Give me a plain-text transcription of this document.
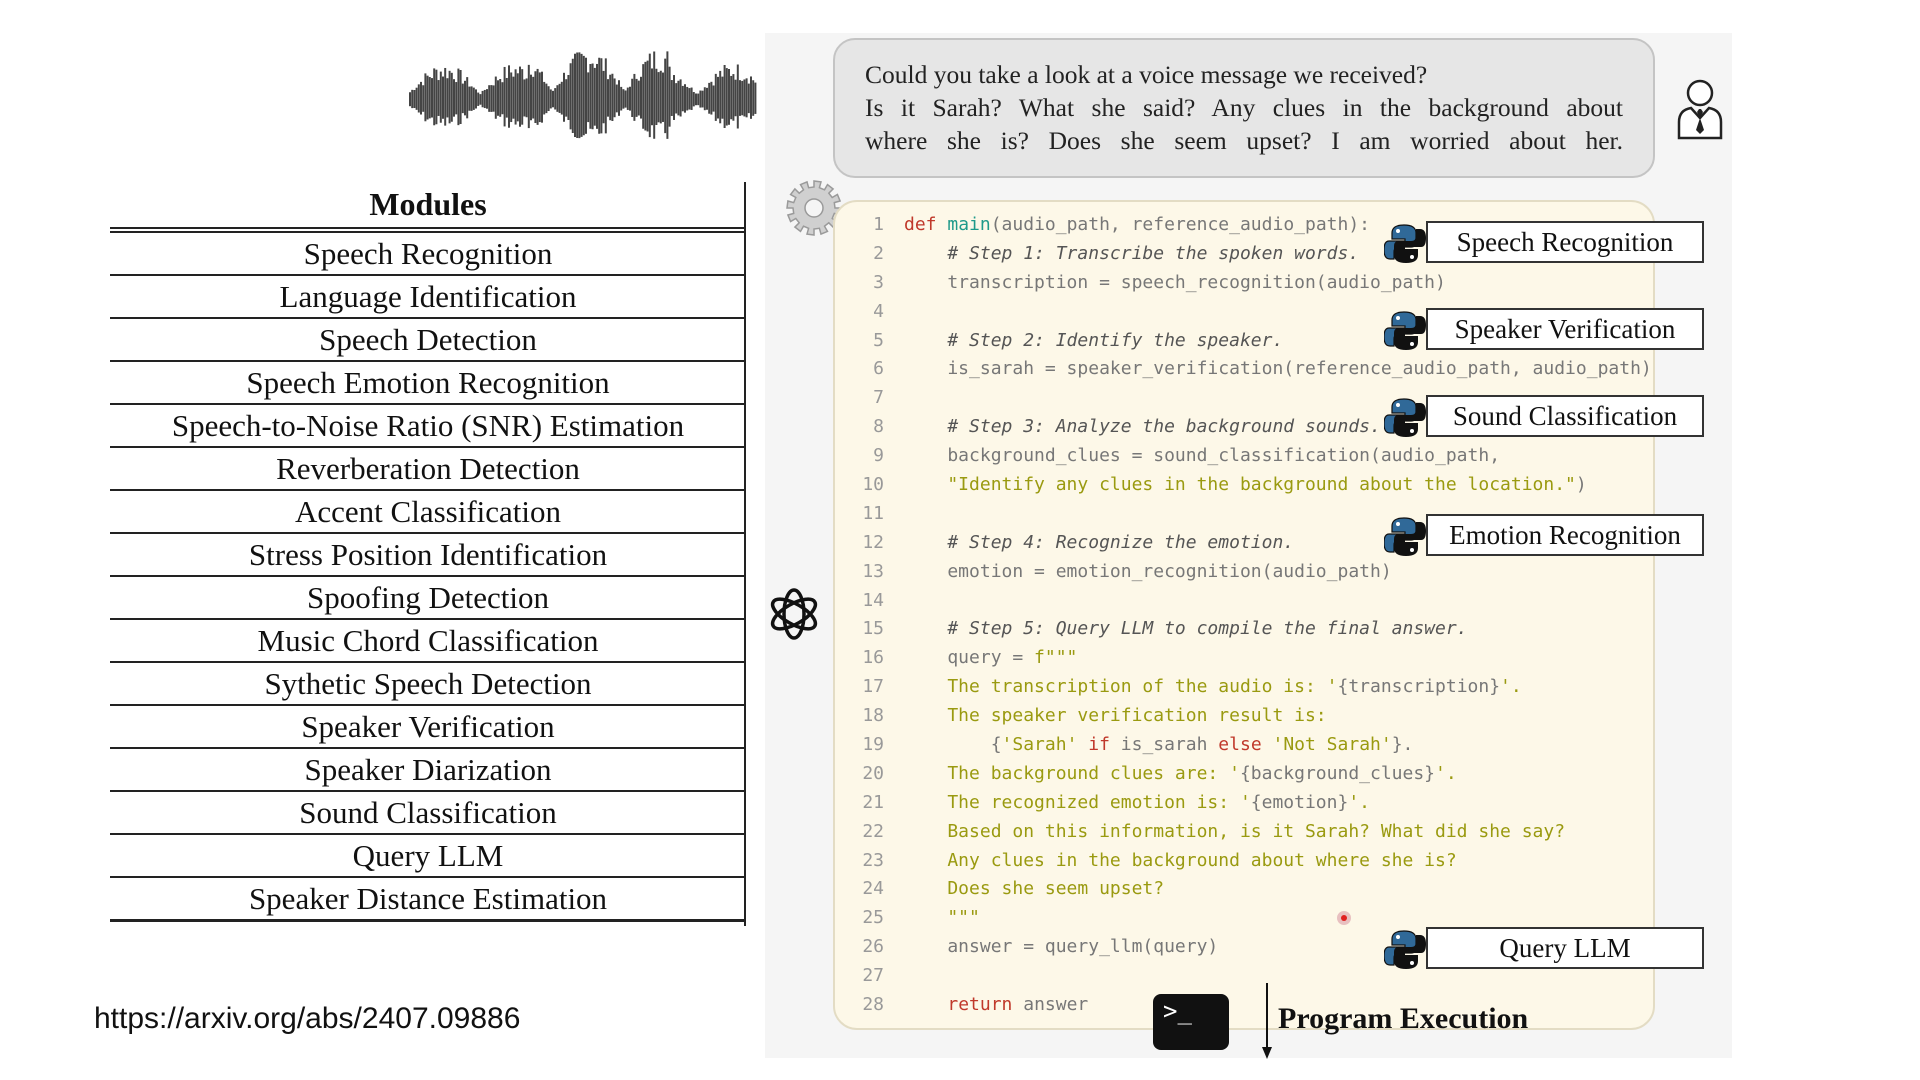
Modules
Speech Recognition
Language Identification
Speech Detection
Speech Emotion Recognition
Speech-to-Noise Ratio (SNR) Estimation
Reverberation Detection
Accent Classification
Stress Position Identification
Spoofing Detection
Music Chord Classification
Sythetic Speech Detection
Speaker Verification
Speaker Diarization
Sound Classification
Query LLM
Speaker Distance Estimation
https://arxiv.org/abs/2407.09886
Could you take a look at a voice message we received?
Is it Sarah? What she said? Any clues in the background about
where she is? Does she seem upset? I am worried about her.
1 def main(audio_path, reference_audio_path):
2    # Step 1: Transcribe the spoken words.
3    transcription = speech_recognition(audio_path)
4
5    # Step 2: Identify the speaker.
6    is_sarah = speaker_verification(reference_audio_path, audio_path)
7
8    # Step 3: Analyze the background sounds.
9    background_clues = sound_classification(audio_path,
10    "Identify any clues in the background about the location.")
11
12    # Step 4: Recognize the emotion.
13    emotion = emotion_recognition(audio_path)
14
15    # Step 5: Query LLM to compile the final answer.
16    query = f"""
17    The transcription of the audio is: '{transcription}'.
18    The speaker verification result is:
19        {'Sarah' if is_sarah else 'Not Sarah'}.
20    The background clues are: '{background_clues}'.
21    The recognized emotion is: '{emotion}'.
22    Based on this information, is it Sarah? What did she say?
23    Any clues in the background about where she is?
24    Does she seem upset?
25    """
26    answer = query_llm(query)
27
28	return answer
Speech Recognition
Speaker Verification
Sound Classification
Emotion Recognition
Query LLM
>_	Program Execution
